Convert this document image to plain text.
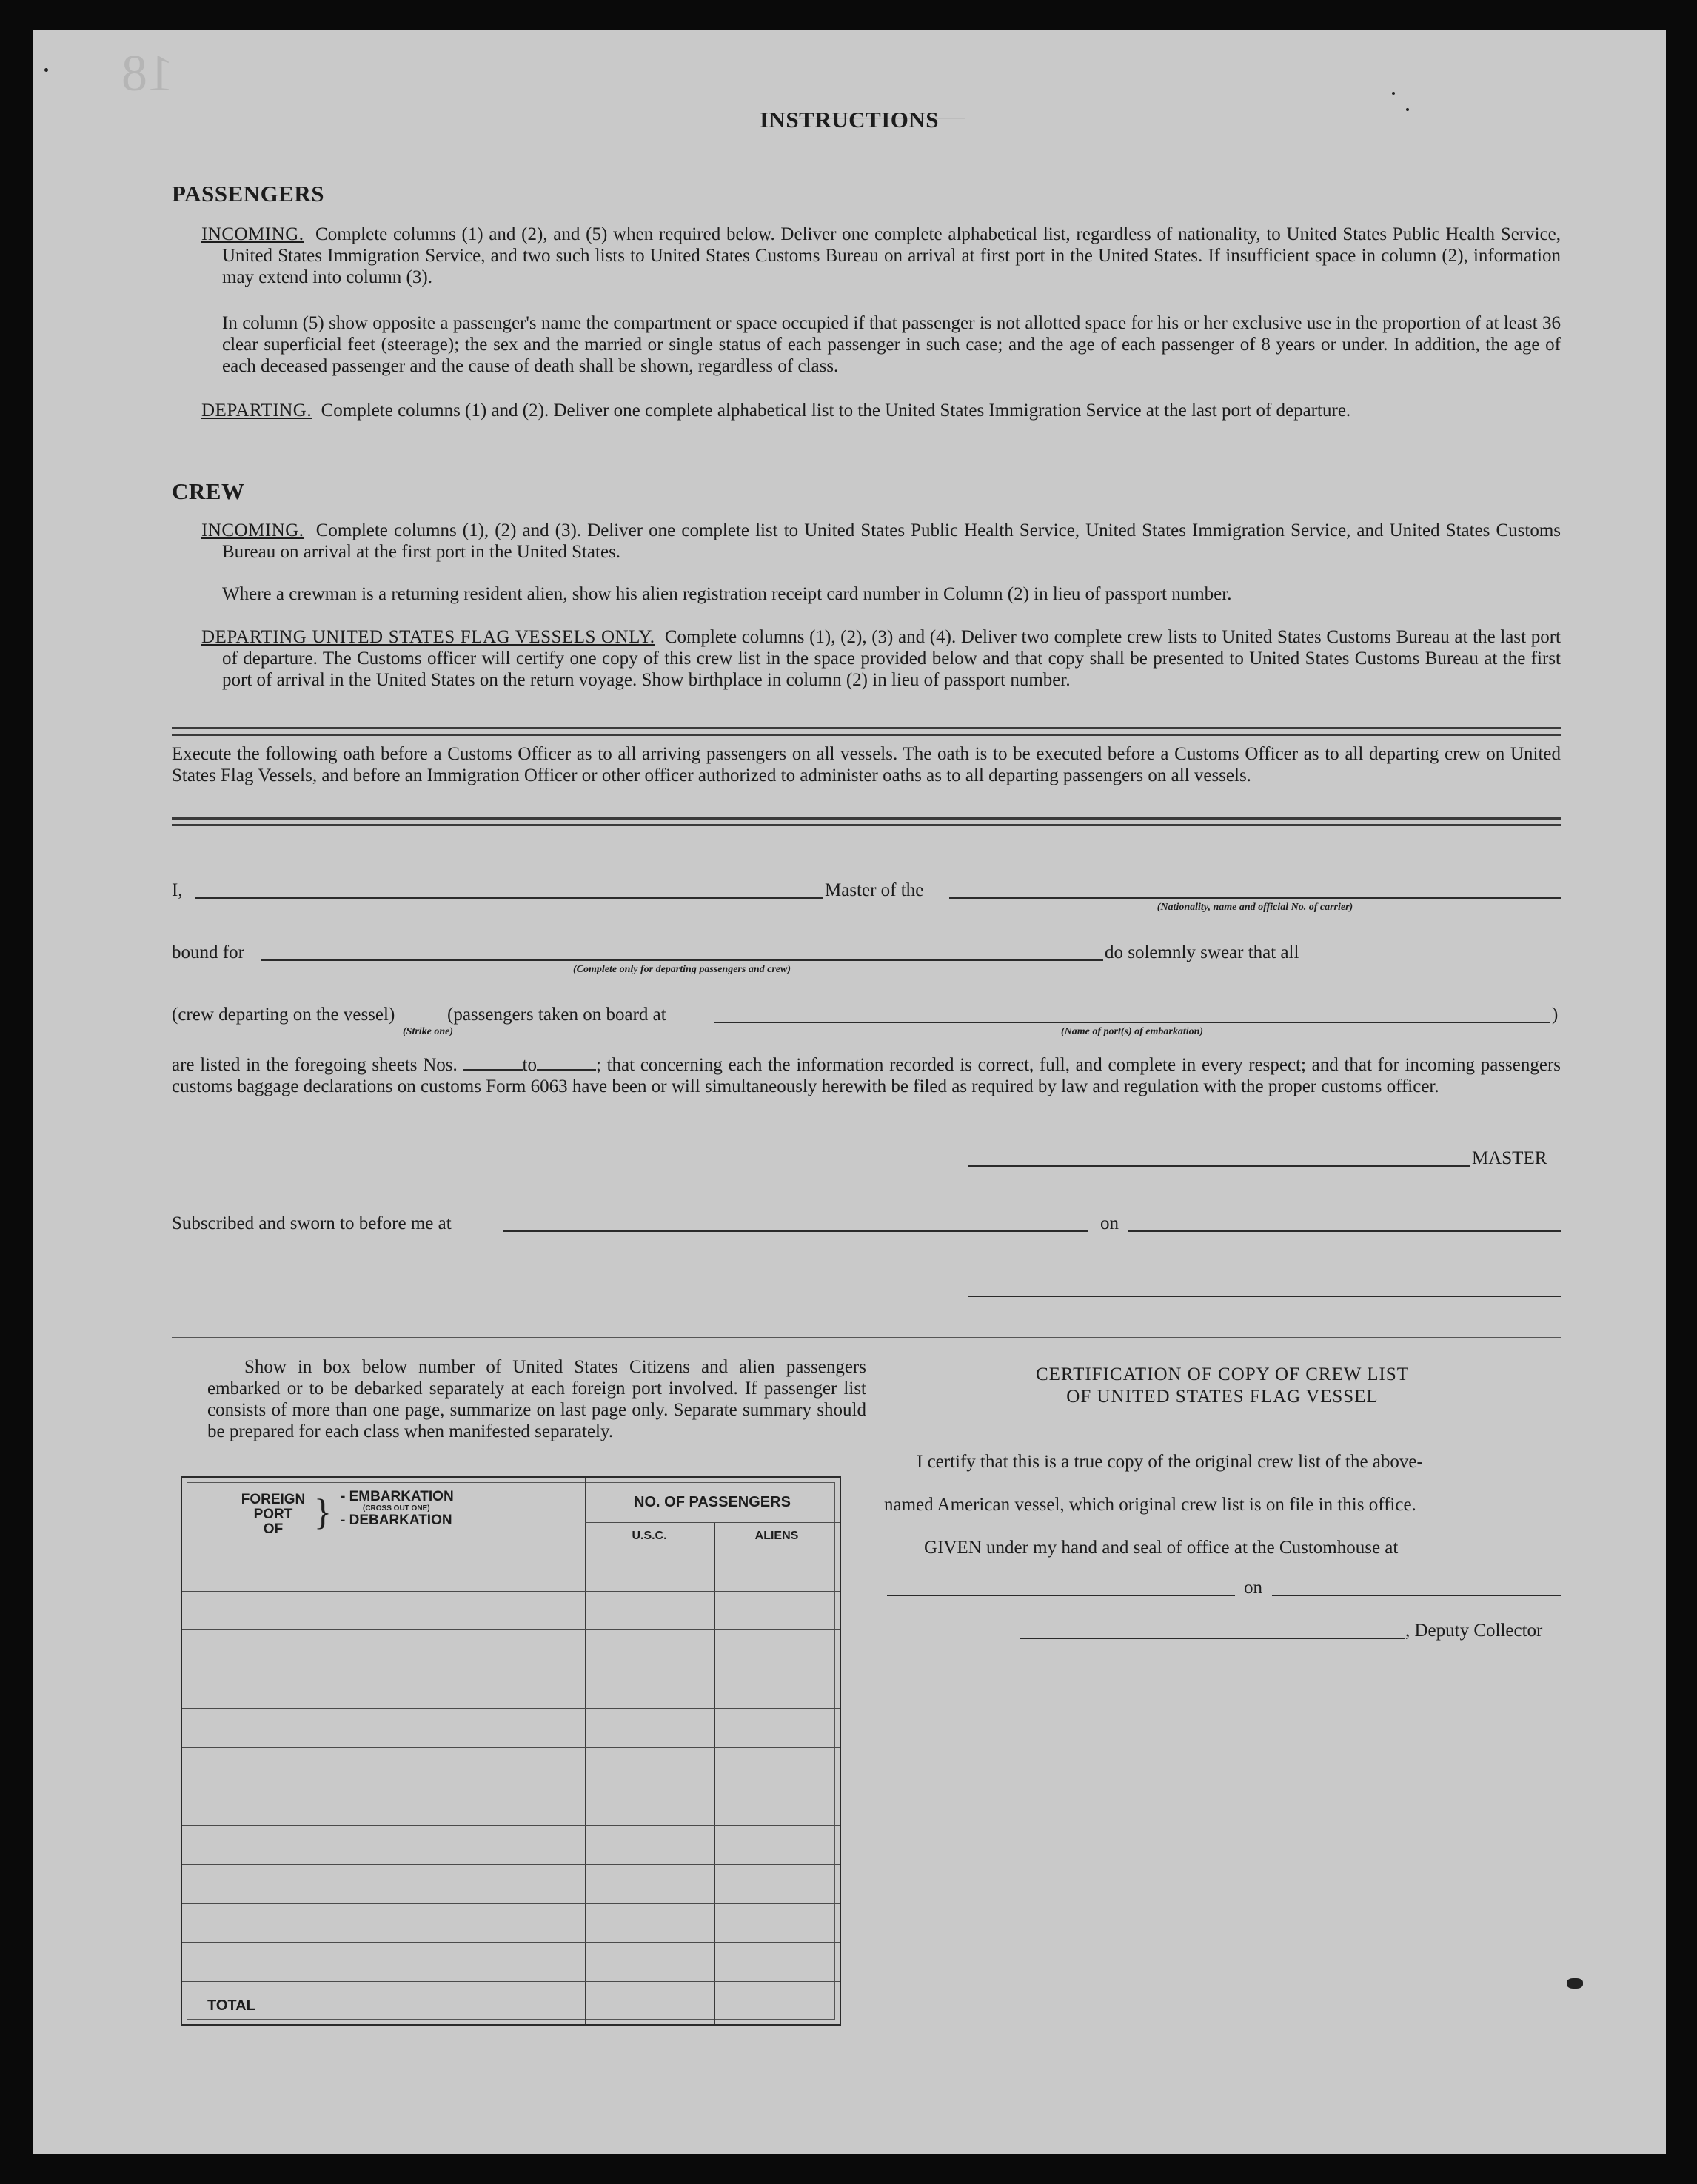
18
INSTRUCTIONS
PASSENGERS
INCOMING. Complete columns (1) and (2), and (5) when required below. Deliver one complete alphabetical list, regardless of nationality, to United States Public Health Service, United States Immigration Service, and two such lists to United States Customs Bureau on arrival at first port in the United States. If insufficient space in column (2), information may extend into column (3).
In column (5) show opposite a passenger's name the compartment or space occupied if that passenger is not allotted space for his or her exclusive use in the proportion of at least 36 clear superficial feet (steerage); the sex and the married or single status of each passenger in such case; and the age of each passenger of 8 years or under. In addition, the age of each deceased passenger and the cause of death shall be shown, regardless of class.
DEPARTING. Complete columns (1) and (2). Deliver one complete alphabetical list to the United States Immigration Service at the last port of departure.
CREW
INCOMING. Complete columns (1), (2) and (3). Deliver one complete list to United States Public Health Service, United States Immigration Service, and United States Customs Bureau on arrival at the first port in the United States.
Where a crewman is a returning resident alien, show his alien registration receipt card number in Column (2) in lieu of passport number.
DEPARTING UNITED STATES FLAG VESSELS ONLY. Complete columns (1), (2), (3) and (4). Deliver two complete crew lists to United States Customs Bureau at the last port of departure. The Customs officer will certify one copy of this crew list in the space provided below and that copy shall be presented to United States Customs Bureau at the first port of arrival in the United States on the return voyage. Show birthplace in column (2) in lieu of passport number.
Execute the following oath before a Customs Officer as to all arriving passengers on all vessels. The oath is to be executed before a Customs Officer as to all departing crew on United States Flag Vessels, and before an Immigration Officer or other officer authorized to administer oaths as to all departing passengers on all vessels.
I,	Master of the
(Nationality, name and official No. of carrier)
bound for
(Complete only for departing passengers and crew)
do solemnly swear that all
(crew departing on the vessel)	(passengers taken on board at	)
(Strike one)	(Name of port(s) of embarkation)
are listed in the foregoing sheets Nos.	to	; that concerning each the information recorded is correct, full, and complete in every respect; and that for incoming passengers customs baggage declarations on customs Form 6063 have been or will simultaneously herewith be filed as required by law and regulation with the proper customs officer.
MASTER
Subscribed and sworn to before me at	on
Show in box below number of United States Citizens and alien passengers embarked or to be debarked separately at each foreign port involved. If passenger list consists of more than one page, summarize on last page only. Separate summary should be prepared for each class when manifested separately.
FOREIGN
PORT
OF } - EMBARKATION
(CROSS OUT ONE)
- DEBARKATION
NO. OF PASSENGERS
U.S.C.	ALIENS
TOTAL
CERTIFICATION OF COPY OF CREW LIST
OF UNITED STATES FLAG VESSEL
I certify that this is a true copy of the original crew list of the above-
named American vessel, which original crew list is on file in this office.
GIVEN under my hand and seal of office at the Customhouse at
on
, Deputy Collector
